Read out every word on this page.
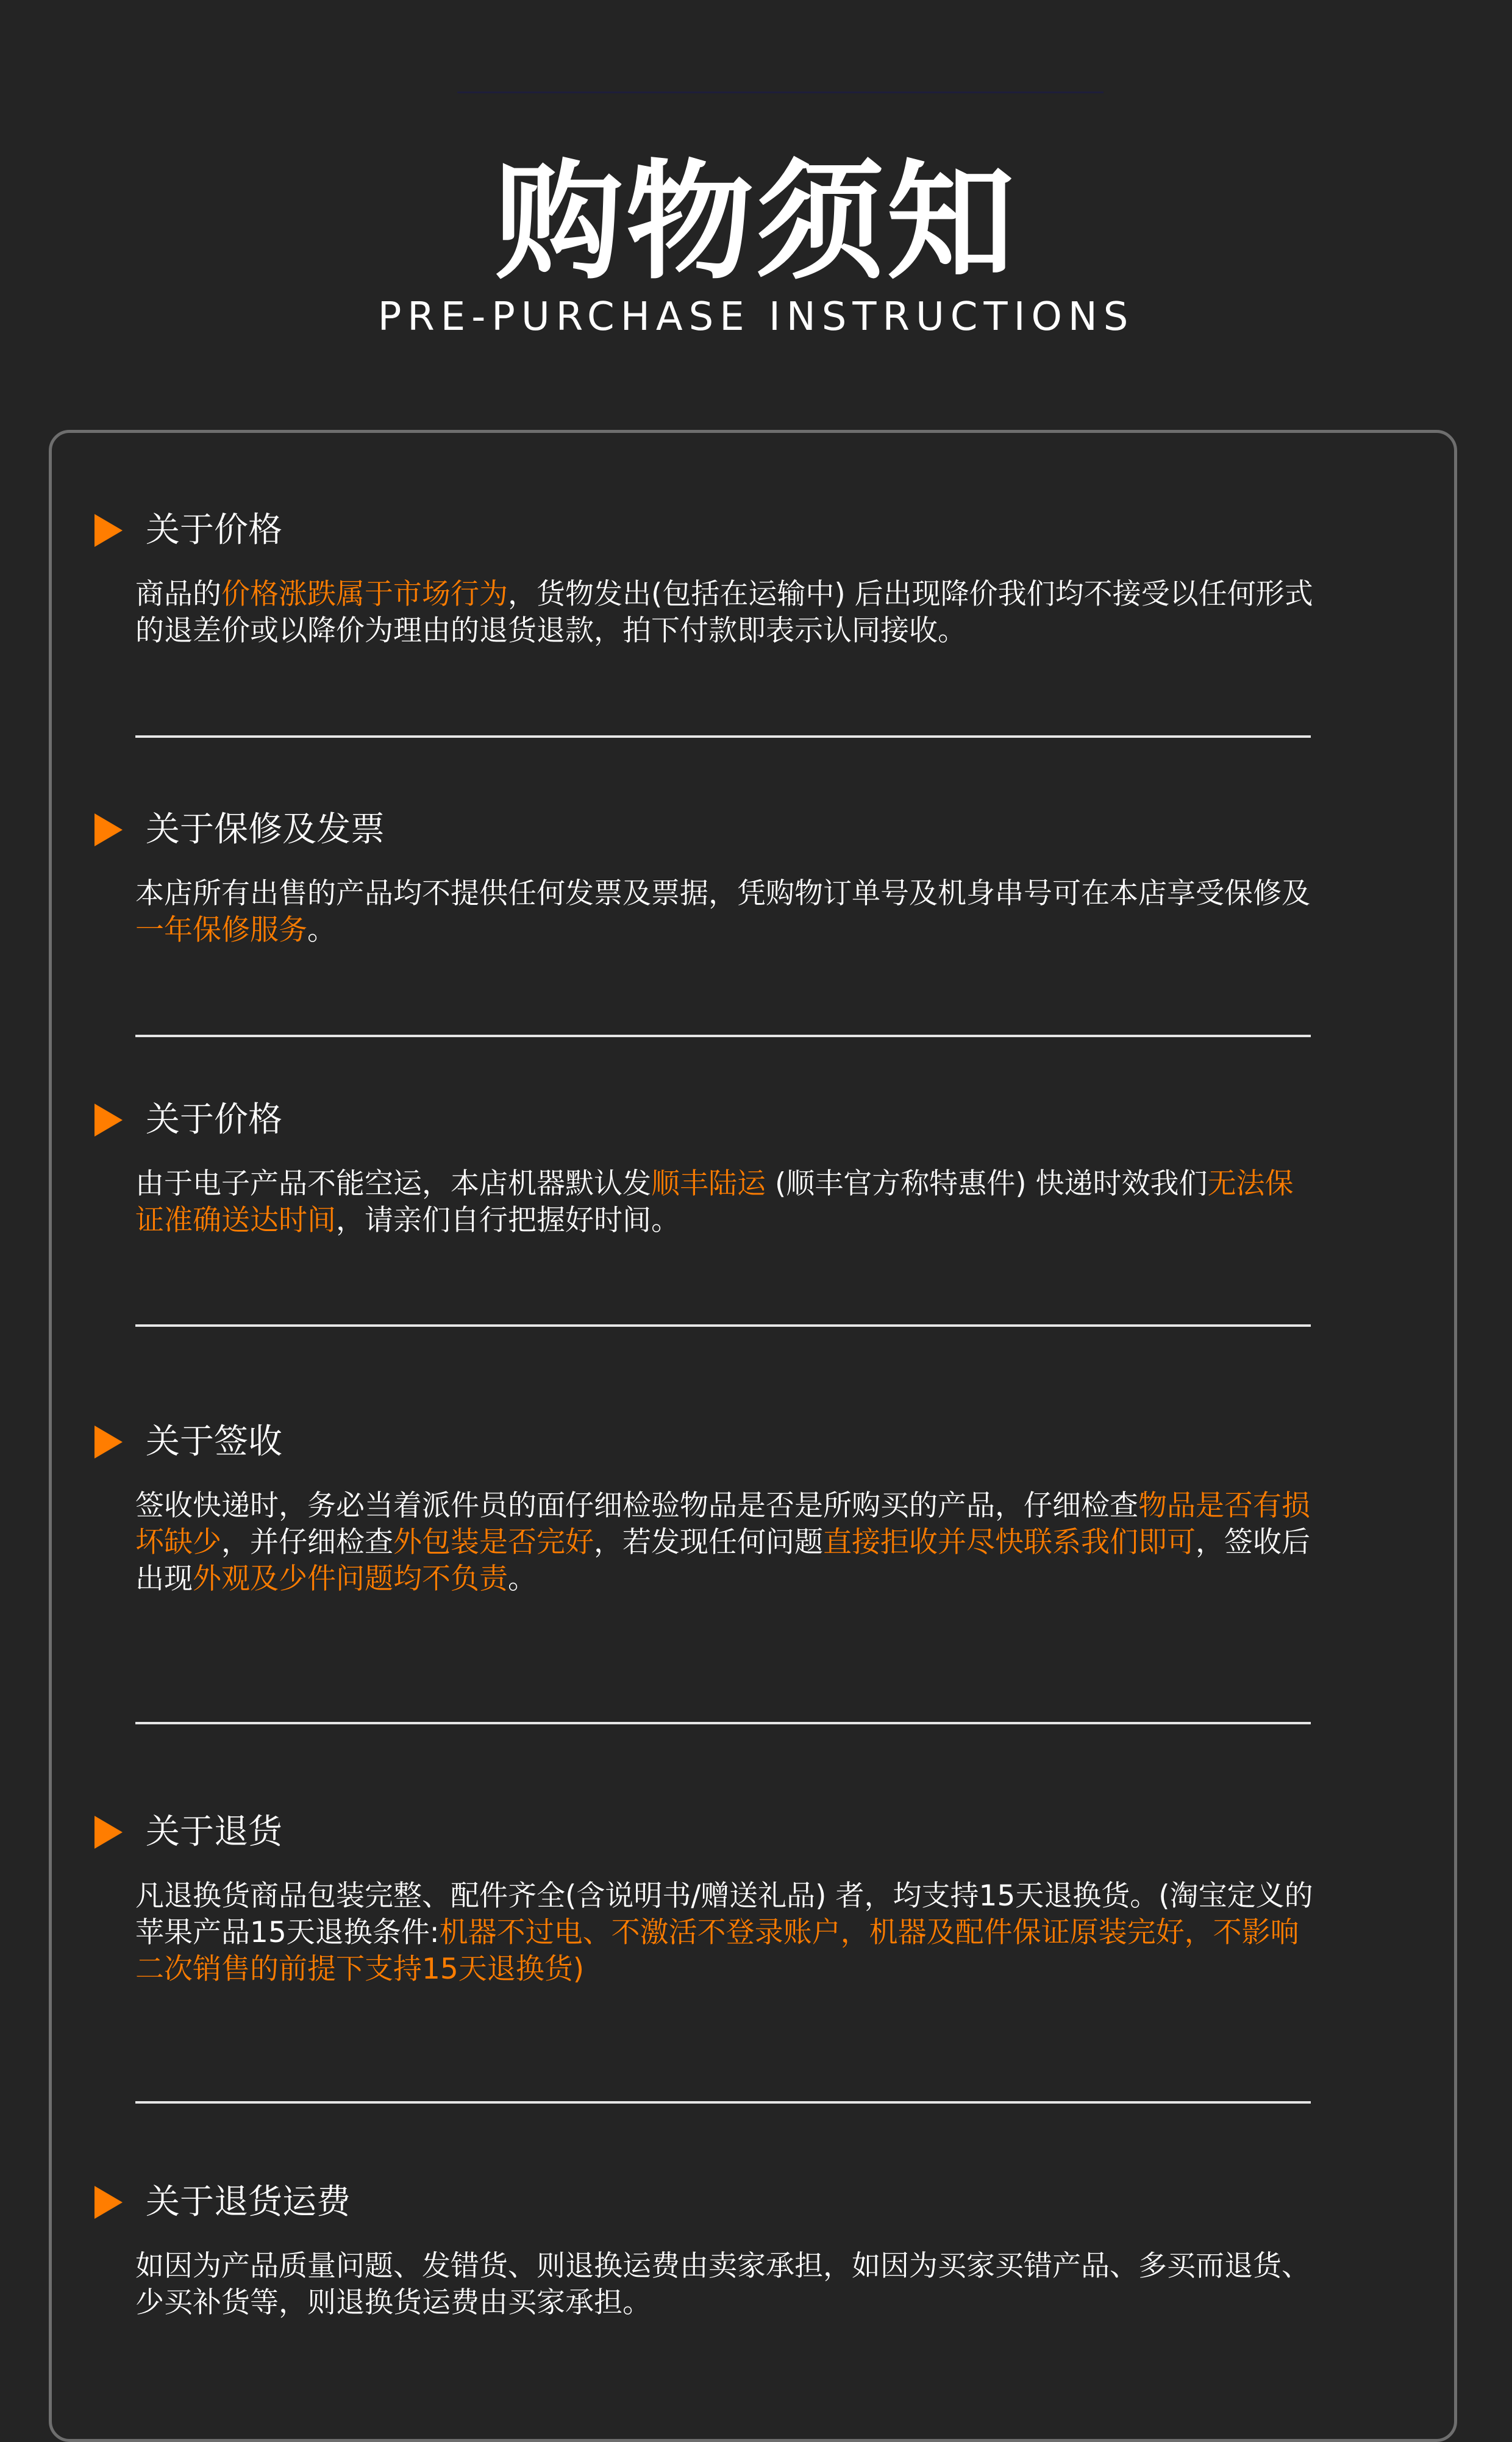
购物须知
PRE-PURCHASE INSTRUCTIONS
关于价格
商品的价格涨跌属于市场行为，货物发出(包括在运输中) 后出现降价我们均不接受以任何形式的退差价或以降价为理由的退货退款，拍下付款即表示认同接收。
关于保修及发票
本店所有出售的产品均不提供任何发票及票据，凭购物订单号及机身串号可在本店享受保修及一年保修服务。
关于价格
由于电子产品不能空运，本店机器默认发顺丰陆运 (顺丰官方称特惠件) 快递时效我们无法保证准确送达时间，请亲们自行把握好时间。
关于签收
签收快递时，务必当着派件员的面仔细检验物品是否是所购买的产品，仔细检查物品是否有损坏缺少，并仔细检查外包装是否完好，若发现任何问题直接拒收并尽快联系我们即可，签收后出现外观及少件问题均不负责。
关于退货
凡退换货商品包装完整、配件齐全(含说明书/赠送礼品) 者，均支持15天退换货。(淘宝定义的苹果产品15天退换条件:机器不过电、不激活不登录账户，机器及配件保证原装完好，不影响二次销售的前提下支持15天退换货)
关于退货运费
如因为产品质量问题、发错货、则退换运费由卖家承担，如因为买家买错产品、多买而退货、少买补货等，则退换货运费由买家承担。
